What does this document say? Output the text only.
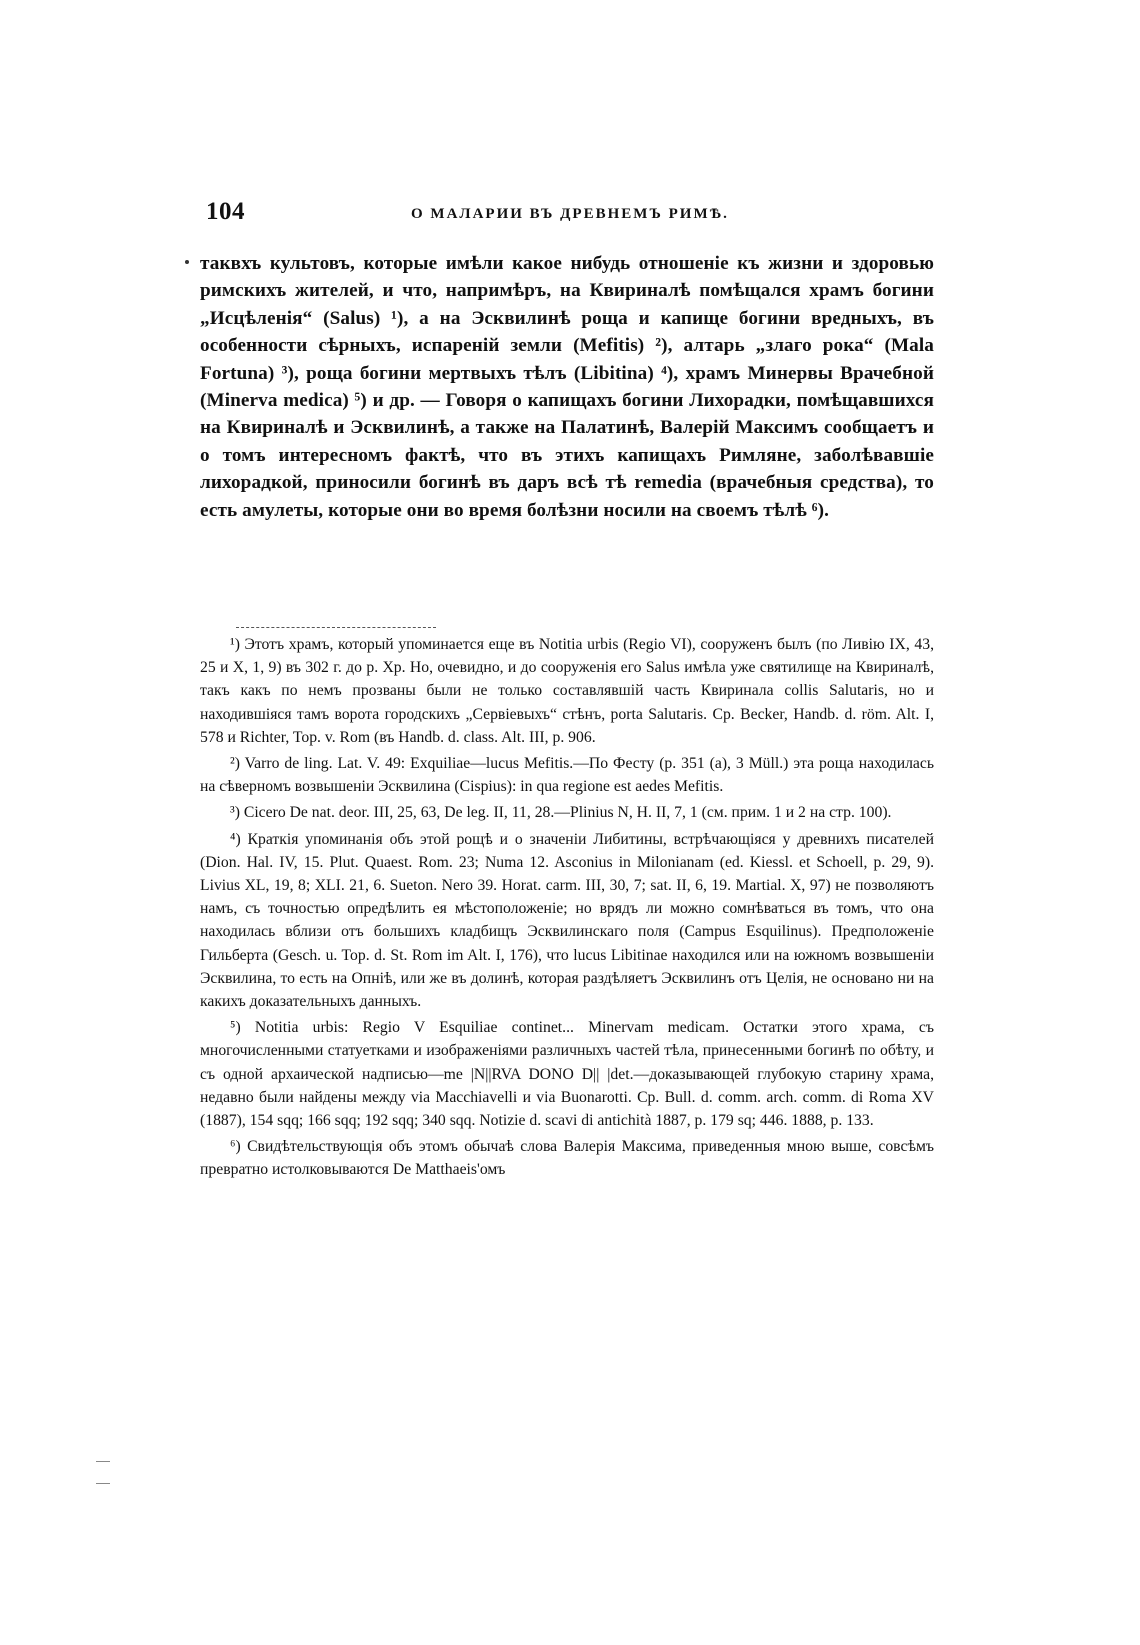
104	О МАЛАРИИ ВЪ ДРЕВНЕМЪ РИМѢ.

таквхъ культовъ, которые имѣли какое нибудь отношеніе къ жизни и здоровью римскихъ жителей, и что, напримѣръ, на Квириналѣ помѣщался храмъ богини „Исцѣленія“ (Salus) ¹), а на Эсквилинѣ роща и капище богини вредныхъ, въ особенности сѣрныхъ, испареній земли (Mefitis) ²), алтарь „злаго рока“ (Mala Fortuna) ³), роща богини мертвыхъ тѣлъ (Libitina) ⁴), храмъ Минервы Врачебной (Minerva medica) ⁵) и др. — Говоря о капищахъ богини Лихорадки, помѣщавшихся на Квириналѣ и Эсквилинѣ, а также на Палатинѣ, Валерій Максимъ сообщаетъ и о томъ интересномъ фактѣ, что въ этихъ капищахъ Римляне, заболѣвавшіе лихорадкой, приносили богинѣ въ даръ всѣ тѣ remedia (врачебныя средства), то есть амулеты, которые они во время болѣзни носили на своемъ тѣлѣ ⁶).

¹) Этотъ храмъ, который упоминается еще въ Notitia urbis (Regio VI), сооруженъ былъ (по Ливію IX, 43, 25 и X, 1, 9) въ 302 г. до р. Хр. Но, очевидно, и до сооруженія его Salus имѣла уже святилище на Квириналѣ, такъ какъ по немъ прозваны были не только составлявшій часть Квиринала collis Salutaris, но и находившіяся тамъ ворота городскихъ „Сервіевыхъ“ стѣнъ, porta Salutaris. Cp. Becker, Handb. d. röm. Alt. I, 578 и Richter, Top. v. Rom (въ Handb. d. class. Alt. III, p. 906.

²) Varro de ling. Lat. V. 49: Exquiliae—lucus Mefitis.—По Фесту (p. 351 (a), 3 Müll.) эта роща находилась на сѣверномъ возвышеніи Эсквилина (Cispius): in qua regione est aedes Mefitis.

³) Cicero De nat. deor. III, 25, 63, De leg. II, 11, 28.—Plinius N, H. II, 7, 1 (см. прим. 1 и 2 на стр. 100).

⁴) Краткія упоминанія объ этой рощѣ и о значеніи Либитины, встрѣчающіяся у древнихъ писателей (Dion. Hal. IV, 15. Plut. Quaest. Rom. 23; Numa 12. Asconius in Milonianam (ed. Kiessl. et Schoell, p. 29, 9). Livius XL, 19, 8; XLI. 21, 6. Sueton. Nero 39. Horat. carm. III, 30, 7; sat. II, 6, 19. Martial. X, 97) не позволяютъ намъ, съ точностью опредѣлить ея мѣстоположеніе; но врядъ ли можно сомнѣваться въ томъ, что она находилась вблизи отъ большихъ кладбищъ Эсквилинскаго поля (Campus Esquilinus). Предположеніе Гильберта (Gesch. u. Top. d. St. Rom im Alt. I, 176), что lucus Libitinae находился или на южномъ возвышеніи Эсквилина, то есть на Опніѣ, или же въ долинѣ, которая раздѣляетъ Эсквилинъ отъ Целія, не основано ни на какихъ доказательныхъ данныхъ.

⁵) Notitia urbis: Regio V Esquiliae continet... Minervam medicam. Остатки этого храма, съ многочисленными статуетками и изображеніями различныхъ частей тѣла, принесенными богинѣ по обѣту, и съ одной архаической надписью—me |N||RVA DONO D|| |det.—доказывающей глубокую старину храма, недавно были найдены между via Macchiavelli и via Buonarotti. Cp. Bull. d. comm. arch. comm. di Roma XV (1887), 154 sqq; 166 sqq; 192 sqq; 340 sqq. Notizie d. scavi di antichità 1887, p. 179 sq; 446. 1888, p. 133.

⁶) Свидѣтельствующія объ этомъ обычаѣ слова Валерія Максима, приведенныя мною выше, совсѣмъ превратно истолковываются De Matthaeis'омъ
